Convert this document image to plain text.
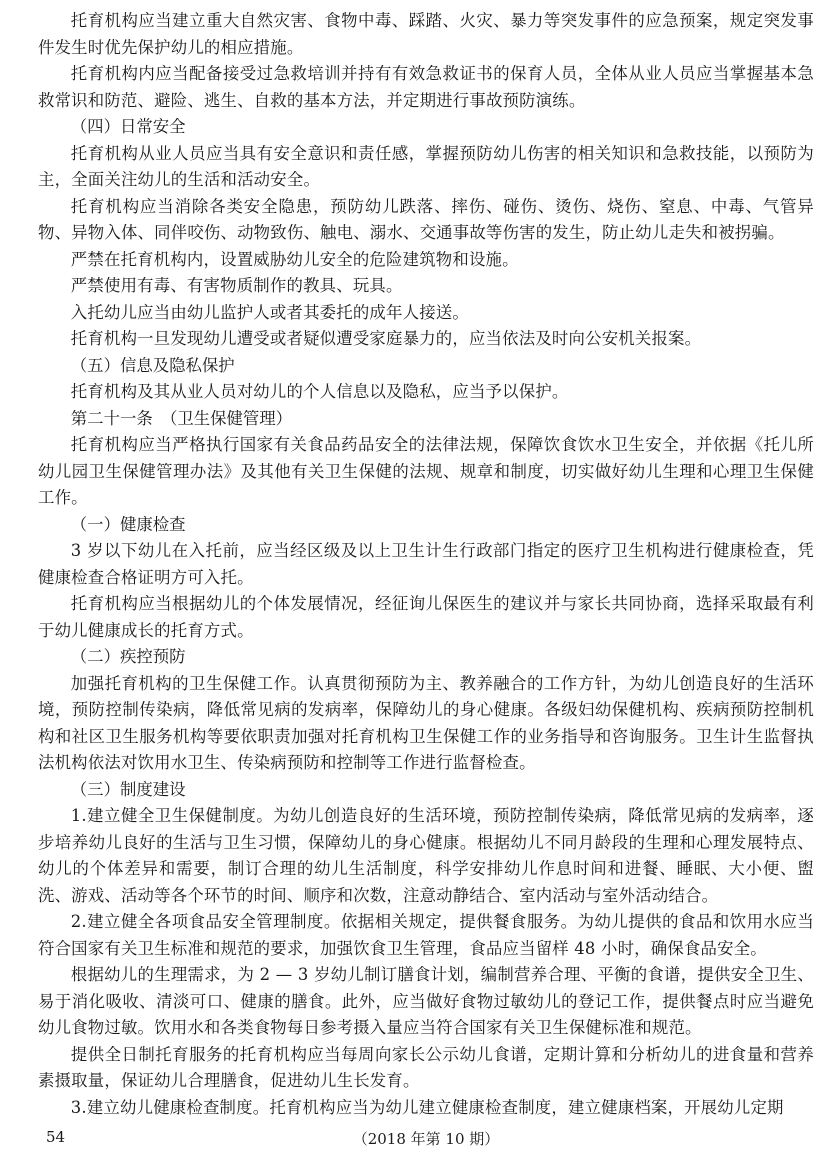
托育机构应当建立重大自然灾害、食物中毒、踩踏、火灾、暴力等突发事件的应急预案，规定突发事件发生时优先保护幼儿的相应措施。

托育机构内应当配备接受过急救培训并持有有效急救证书的保育人员，全体从业人员应当掌握基本急救常识和防范、避险、逃生、自救的基本方法，并定期进行事故预防演练。

（四）日常安全

托育机构从业人员应当具有安全意识和责任感，掌握预防幼儿伤害的相关知识和急救技能，以预防为主，全面关注幼儿的生活和活动安全。

托育机构应当消除各类安全隐患，预防幼儿跌落、摔伤、碰伤、烫伤、烧伤、窒息、中毒、气管异物、异物入体、同伴咬伤、动物致伤、触电、溺水、交通事故等伤害的发生，防止幼儿走失和被拐骗。

严禁在托育机构内，设置威胁幼儿安全的危险建筑物和设施。

严禁使用有毒、有害物质制作的教具、玩具。

入托幼儿应当由幼儿监护人或者其委托的成年人接送。

托育机构一旦发现幼儿遭受或者疑似遭受家庭暴力的，应当依法及时向公安机关报案。

（五）信息及隐私保护

托育机构及其从业人员对幼儿的个人信息以及隐私，应当予以保护。

第二十一条　（卫生保健管理）

托育机构应当严格执行国家有关食品药品安全的法律法规，保障饮食饮水卫生安全，并依据《托儿所幼儿园卫生保健管理办法》及其他有关卫生保健的法规、规章和制度，切实做好幼儿生理和心理卫生保健工作。

（一）健康检查

3 岁以下幼儿在入托前，应当经区级及以上卫生计生行政部门指定的医疗卫生机构进行健康检查，凭健康检查合格证明方可入托。

托育机构应当根据幼儿的个体发展情况，经征询儿保医生的建议并与家长共同协商，选择采取最有利于幼儿健康成长的托育方式。

（二）疾控预防

加强托育机构的卫生保健工作。认真贯彻预防为主、教养融合的工作方针，为幼儿创造良好的生活环境，预防控制传染病，降低常见病的发病率，保障幼儿的身心健康。各级妇幼保健机构、疾病预防控制机构和社区卫生服务机构等要依职责加强对托育机构卫生保健工作的业务指导和咨询服务。卫生计生监督执法机构依法对饮用水卫生、传染病预防和控制等工作进行监督检查。

（三）制度建设

1.建立健全卫生保健制度。为幼儿创造良好的生活环境，预防控制传染病，降低常见病的发病率，逐步培养幼儿良好的生活与卫生习惯，保障幼儿的身心健康。根据幼儿不同月龄段的生理和心理发展特点、幼儿的个体差异和需要，制订合理的幼儿生活制度，科学安排幼儿作息时间和进餐、睡眠、大小便、盥洗、游戏、活动等各个环节的时间、顺序和次数，注意动静结合、室内活动与室外活动结合。

2.建立健全各项食品安全管理制度。依据相关规定，提供餐食服务。为幼儿提供的食品和饮用水应当符合国家有关卫生标准和规范的要求，加强饮食卫生管理，食品应当留样 48 小时，确保食品安全。

根据幼儿的生理需求，为 2 — 3 岁幼儿制订膳食计划，编制营养合理、平衡的食谱，提供安全卫生、易于消化吸收、清淡可口、健康的膳食。此外，应当做好食物过敏幼儿的登记工作，提供餐点时应当避免幼儿食物过敏。饮用水和各类食物每日参考摄入量应当符合国家有关卫生保健标准和规范。

提供全日制托育服务的托育机构应当每周向家长公示幼儿食谱，定期计算和分析幼儿的进食量和营养素摄取量，保证幼儿合理膳食，促进幼儿生长发育。

3.建立幼儿健康检查制度。托育机构应当为幼儿建立健康检查制度，建立健康档案，开展幼儿定期

54	（2018 年第 10 期）
